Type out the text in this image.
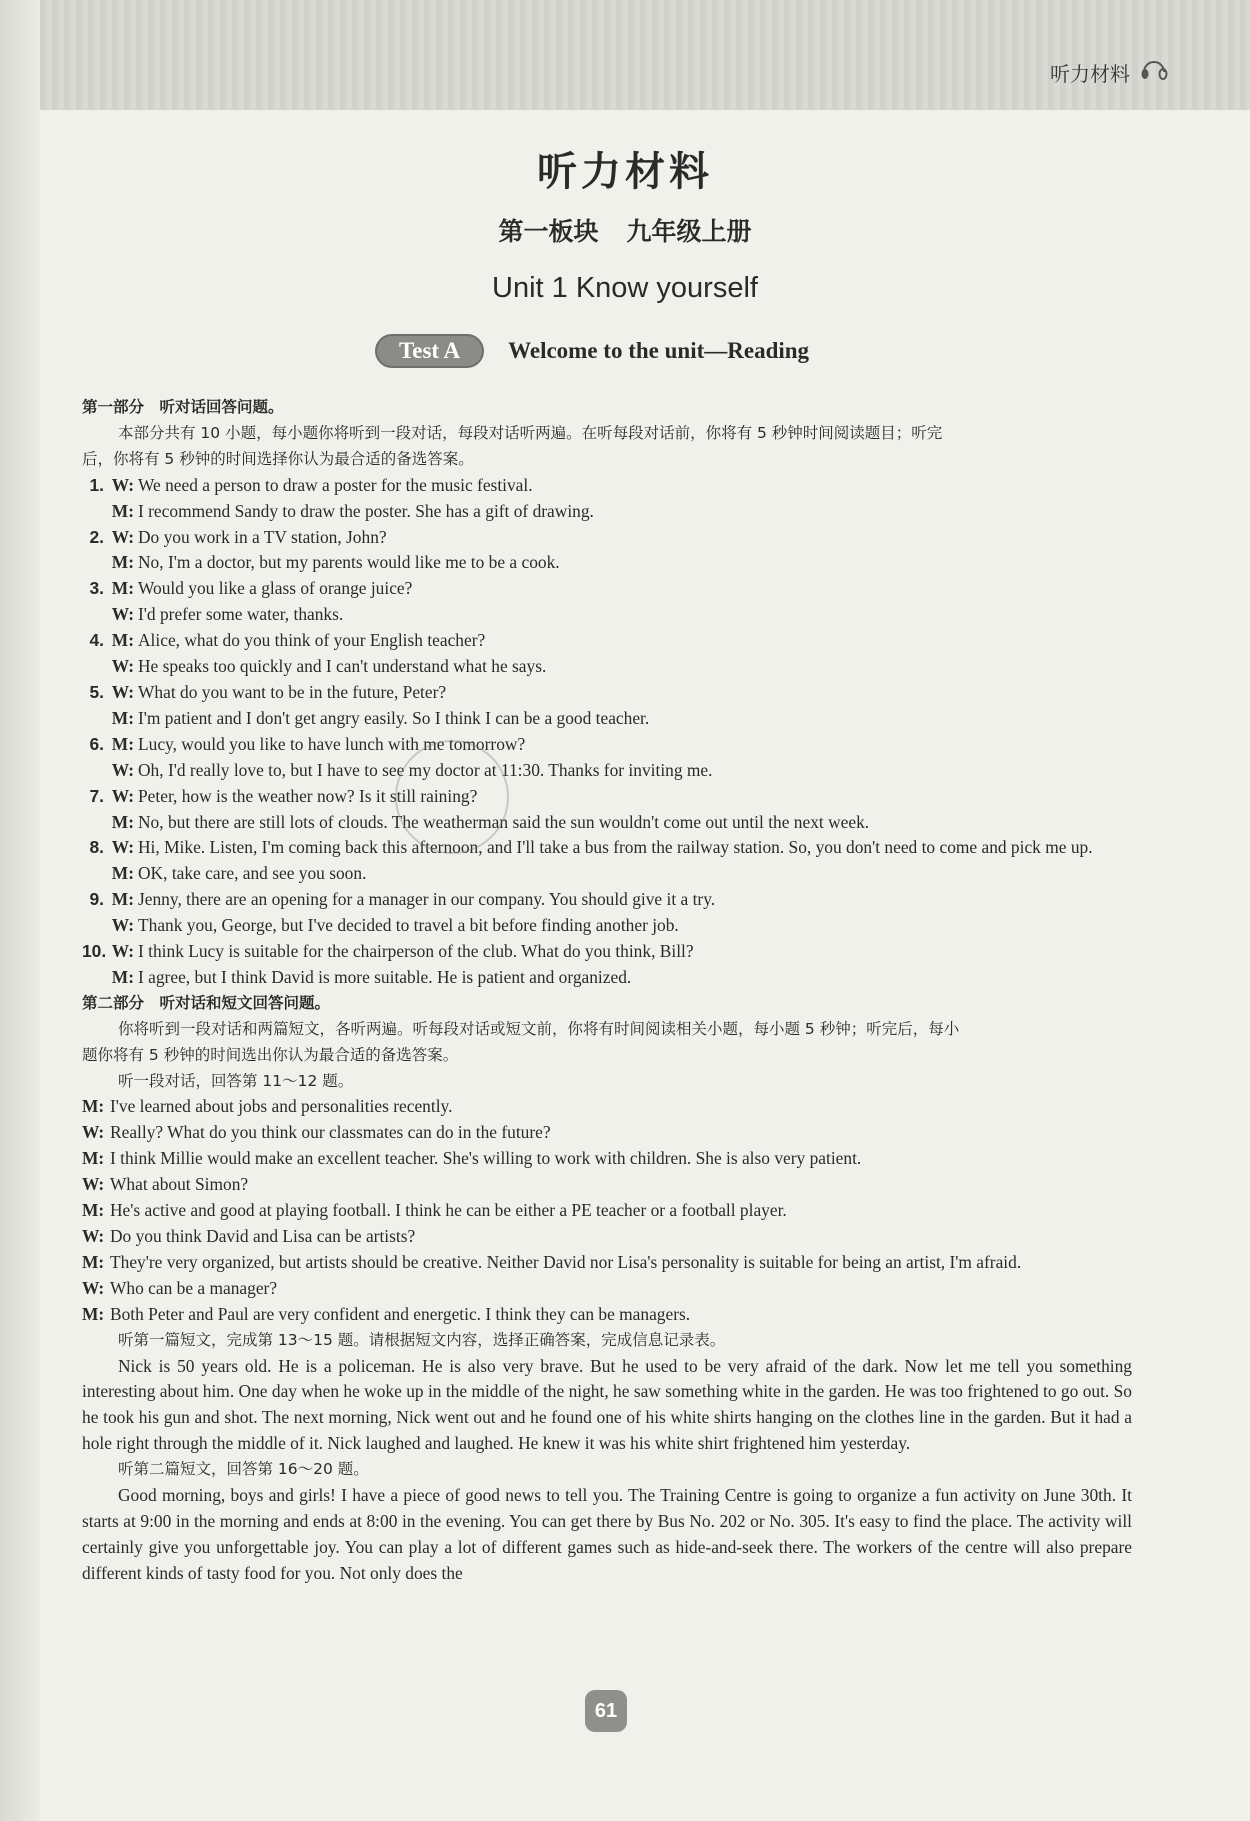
听力材料
听力材料
第一板块 九年级上册
Unit 1 Know yourself
Test A	Welcome to the unit—Reading

第一部分　听对话回答问题。

本部分共有 10 小题，每小题你将听到一段对话，每段对话听两遍。在听每段对话前，你将有 5 秒钟时间阅读题目；听完

后，你将有 5 秒钟的时间选择你认为最合适的备选答案。

1. W: We need a person to draw a poster for the music festival.
M: I recommend Sandy to draw the poster. She has a gift of drawing.
2. W: Do you work in a TV station, John?
M: No, I'm a doctor, but my parents would like me to be a cook.
3. M: Would you like a glass of orange juice?
W: I'd prefer some water, thanks.
4. M: Alice, what do you think of your English teacher?
W: He speaks too quickly and I can't understand what he says.
5. W: What do you want to be in the future, Peter?
M: I'm patient and I don't get angry easily. So I think I can be a good teacher.
6. M: Lucy, would you like to have lunch with me tomorrow?
W: Oh, I'd really love to, but I have to see my doctor at 11:30. Thanks for inviting me.
7. W: Peter, how is the weather now? Is it still raining?
M: No, but there are still lots of clouds. The weatherman said the sun wouldn't come out until the next week.
8. W: Hi, Mike. Listen, I'm coming back this afternoon, and I'll take a bus from the railway station. So, you don't need to come and pick me up.
M: OK, take care, and see you soon.
9. M: Jenny, there are an opening for a manager in our company. You should give it a try.
W: Thank you, George, but I've decided to travel a bit before finding another job.
10. W: I think Lucy is suitable for the chairperson of the club. What do you think, Bill?
M: I agree, but I think David is more suitable. He is patient and organized.

第二部分　听对话和短文回答问题。

你将听到一段对话和两篇短文，各听两遍。听每段对话或短文前，你将有时间阅读相关小题，每小题 5 秒钟；听完后，每小

题你将有 5 秒钟的时间选出你认为最合适的备选答案。

听一段对话，回答第 11～12 题。

M: I've learned about jobs and personalities recently.
W: Really? What do you think our classmates can do in the future?
M: I think Millie would make an excellent teacher. She's willing to work with children. She is also very patient.
W: What about Simon?
M: He's active and good at playing football. I think he can be either a PE teacher or a football player.
W: Do you think David and Lisa can be artists?
M: They're very organized, but artists should be creative. Neither David nor Lisa's personality is suitable for being an artist, I'm afraid.
W: Who can be a manager?
M: Both Peter and Paul are very confident and energetic. I think they can be managers.

听第一篇短文，完成第 13～15 题。请根据短文内容，选择正确答案，完成信息记录表。

Nick is 50 years old. He is a policeman. He is also very brave. But he used to be very afraid of the dark. Now let me tell you something interesting about him. One day when he woke up in the middle of the night, he saw something white in the garden. He was too frightened to go out. So he took his gun and shot. The next morning, Nick went out and he found one of his white shirts hanging on the clothes line in the garden. But it had a hole right through the middle of it. Nick laughed and laughed. He knew it was his white shirt frightened him yesterday.

听第二篇短文，回答第 16～20 题。

Good morning, boys and girls! I have a piece of good news to tell you. The Training Centre is going to organize a fun activity on June 30th. It starts at 9:00 in the morning and ends at 8:00 in the evening. You can get there by Bus No. 202 or No. 305. It's easy to find the place. The activity will certainly give you unforgettable joy. You can play a lot of different games such as hide-and-seek there. The workers of the centre will also prepare different kinds of tasty food for you. Not only does the

61
